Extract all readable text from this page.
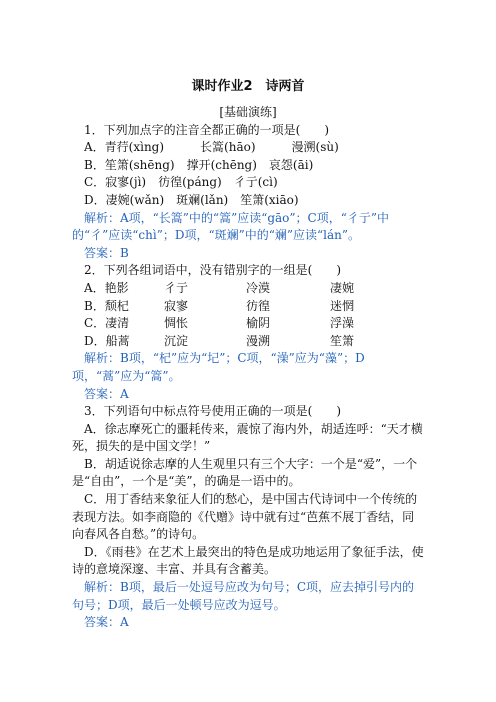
课时作业2　诗两首

[基础演练]

1．下列加点字的注音全都正确的一项是(　　)

A．青荇(xìng)　　　长篙(hāo)　　　漫溯(sù)

B．笙箫(shēng)　撑开(chēng)　哀怨(āi)

C．寂寥(jì)　彷徨(páng)　彳亍(cì)

D．凄婉(wǎn)　斑斓(lǎn)　笙箫(xiāo)

解析：A项，“长篙”中的“篙”应读“gāo”；C项，“彳亍”中的“彳”应读“chì”；D项，“斑斓”中的“斓”应读“lán”。

答案：B

2．下列各组词语中，没有错别字的一组是(　　)

A．艳影	彳亍	冷漠	凄婉
B．颓杞	寂寥	彷徨	迷惘
C．凄清	惆怅	榆阴	浮澡
D．船蒿	沉淀	漫溯	笙箫

解析：B项，“杞”应为“圮”；C项，“澡”应为“藻”；D项，“蒿”应为“篙”。

答案：A

3．下列语句中标点符号使用正确的一项是(　　)

A．徐志摩死亡的噩耗传来，震惊了海内外，胡适连呼：“天才横死，损失的是中国文学！”

B．胡适说徐志摩的人生观里只有三个大字：一个是“爱”，一个是“自由”，一个是“美”，的确是一语中的。

C．用丁香结来象征人们的愁心，是中国古代诗词中一个传统的表现方法。如李商隐的《代赠》诗中就有过“芭蕉不展丁香结，同向春风各自愁。”的诗句。

D．《雨巷》在艺术上最突出的特色是成功地运用了象征手法，使诗的意境深邃、丰富、并具有含蓄美。

解析：B项，最后一处逗号应改为句号；C项，应去掉引号内的句号；D项，最后一处顿号应改为逗号。

答案：A
